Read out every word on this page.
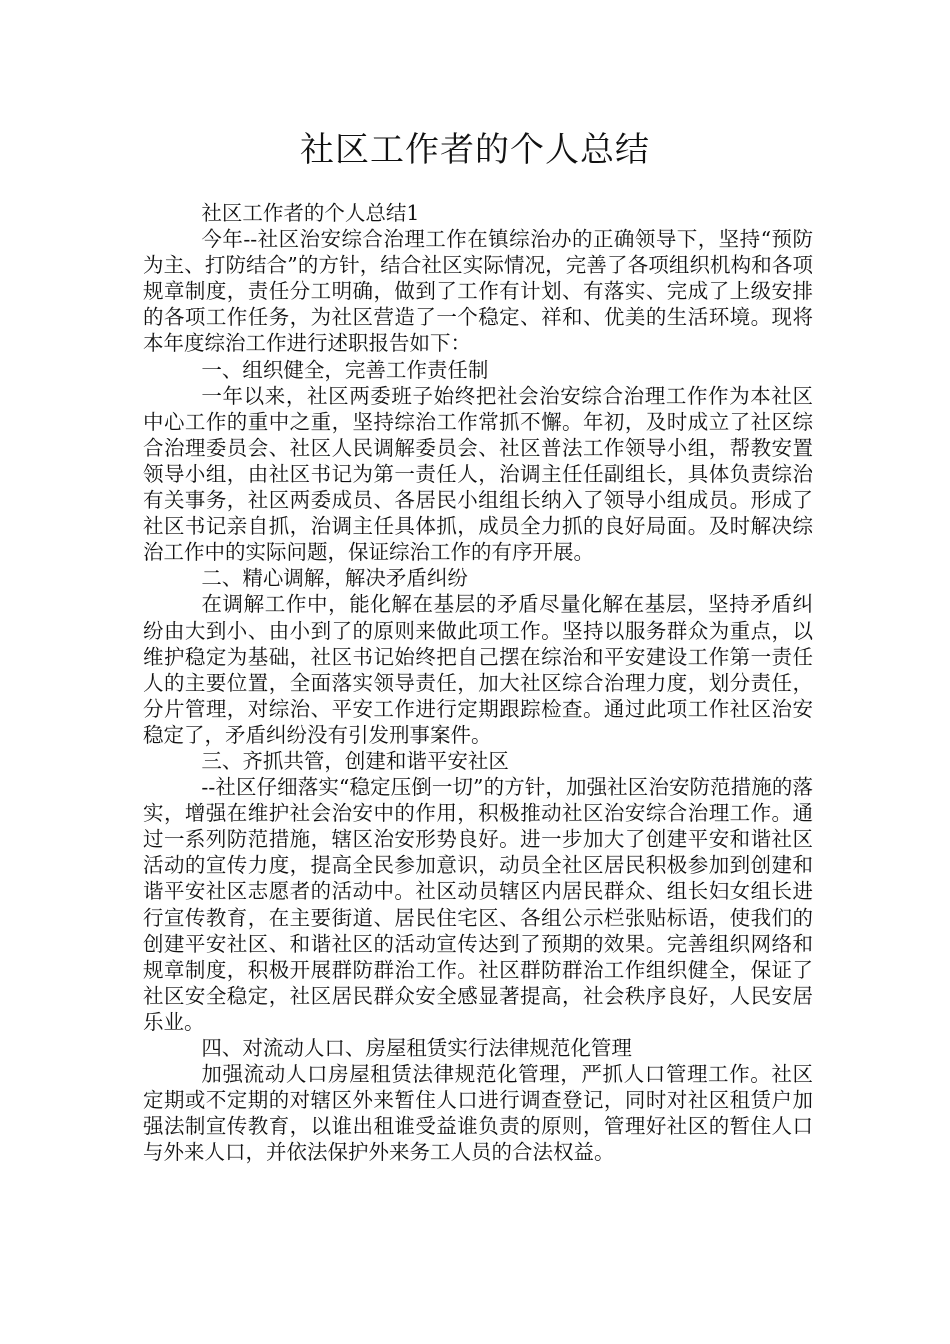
社区工作者的个人总结

社区工作者的个人总结1

今年--社区治安综合治理工作在镇综治办的正确领导下，坚持“预防为主、打防结合”的方针，结合社区实际情况，完善了各项组织机构和各项规章制度，责任分工明确，做到了工作有计划、有落实、完成了上级安排的各项工作任务，为社区营造了一个稳定、祥和、优美的生活环境。现将本年度综治工作进行述职报告如下：

一、组织健全，完善工作责任制

一年以来，社区两委班子始终把社会治安综合治理工作作为本社区中心工作的重中之重，坚持综治工作常抓不懈。年初，及时成立了社区综合治理委员会、社区人民调解委员会、社区普法工作领导小组，帮教安置领导小组，由社区书记为第一责任人，治调主任任副组长，具体负责综治有关事务，社区两委成员、各居民小组组长纳入了领导小组成员。形成了社区书记亲自抓，治调主任具体抓，成员全力抓的良好局面。及时解决综治工作中的实际问题，保证综治工作的有序开展。

二、精心调解，解决矛盾纠纷

在调解工作中，能化解在基层的矛盾尽量化解在基层，坚持矛盾纠纷由大到小、由小到了的原则来做此项工作。坚持以服务群众为重点，以维护稳定为基础，社区书记始终把自己摆在综治和平安建设工作第一责任人的主要位置，全面落实领导责任，加大社区综合治理力度，划分责任，分片管理，对综治、平安工作进行定期跟踪检查。通过此项工作社区治安稳定了，矛盾纠纷没有引发刑事案件。

三、齐抓共管，创建和谐平安社区

--社区仔细落实“稳定压倒一切”的方针，加强社区治安防范措施的落实，增强在维护社会治安中的作用，积极推动社区治安综合治理工作。通过一系列防范措施，辖区治安形势良好。进一步加大了创建平安和谐社区活动的宣传力度，提高全民参加意识，动员全社区居民积极参加到创建和谐平安社区志愿者的活动中。社区动员辖区内居民群众、组长妇女组长进行宣传教育，在主要街道、居民住宅区、各组公示栏张贴标语，使我们的创建平安社区、和谐社区的活动宣传达到了预期的效果。完善组织网络和规章制度，积极开展群防群治工作。社区群防群治工作组织健全，保证了社区安全稳定，社区居民群众安全感显著提高，社会秩序良好，人民安居乐业。

四、对流动人口、房屋租赁实行法律规范化管理

加强流动人口房屋租赁法律规范化管理，严抓人口管理工作。社区定期或不定期的对辖区外来暂住人口进行调查登记，同时对社区租赁户加强法制宣传教育，以谁出租谁受益谁负责的原则，管理好社区的暂住人口与外来人口，并依法保护外来务工人员的合法权益。
